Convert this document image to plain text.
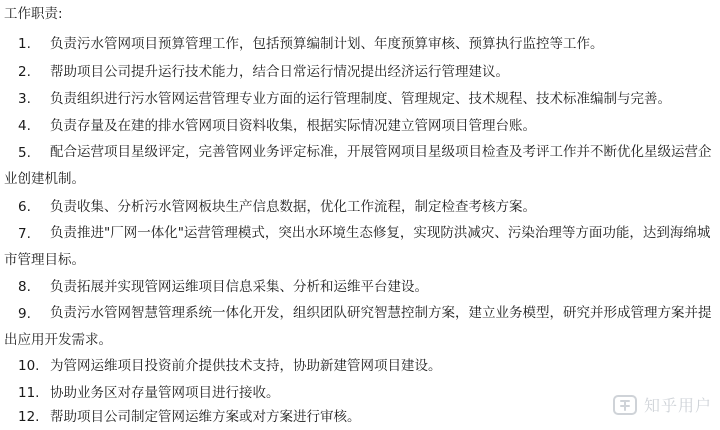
工作职责:
1. 负责污水管网项目预算管理工作，包括预算编制计划、年度预算审核、预算执行监控等工作。
2. 帮助项目公司提升运行技术能力，结合日常运行情况提出经济运行管理建议。
3. 负责组织进行污水管网运营管理专业方面的运行管理制度、管理规定、技术规程、技术标准编制与完善。
4. 负责存量及在建的排水管网项目资料收集，根据实际情况建立管网项目管理台账。
5.	配合运营项目星级评定，完善管网业务评定标准，开展管网项目星级项目检查及考评工作并不断优化星级运营企业创建机制。
6. 负责收集、分析污水管网板块生产信息数据，优化工作流程，制定检查考核方案。
7.	负责推进"厂网一体化"运营管理模式，突出水环境生态修复，实现防洪减灾、污染治理等方面功能，达到海绵城市管理目标。
8. 负责拓展并实现管网运维项目信息采集、分析和运维平台建设。
9.	负责污水管网智慧管理系统一体化开发，组织团队研究智慧控制方案，建立业务模型，研究并形成管理方案并提出应用开发需求。
10. 为管网运维项目投资前介提供技术支持，协助新建管网项目建设。
11. 协助业务区对存量管网项目进行接收。
12. 帮助项目公司制定管网运维方案或对方案进行审核。
知乎用户
